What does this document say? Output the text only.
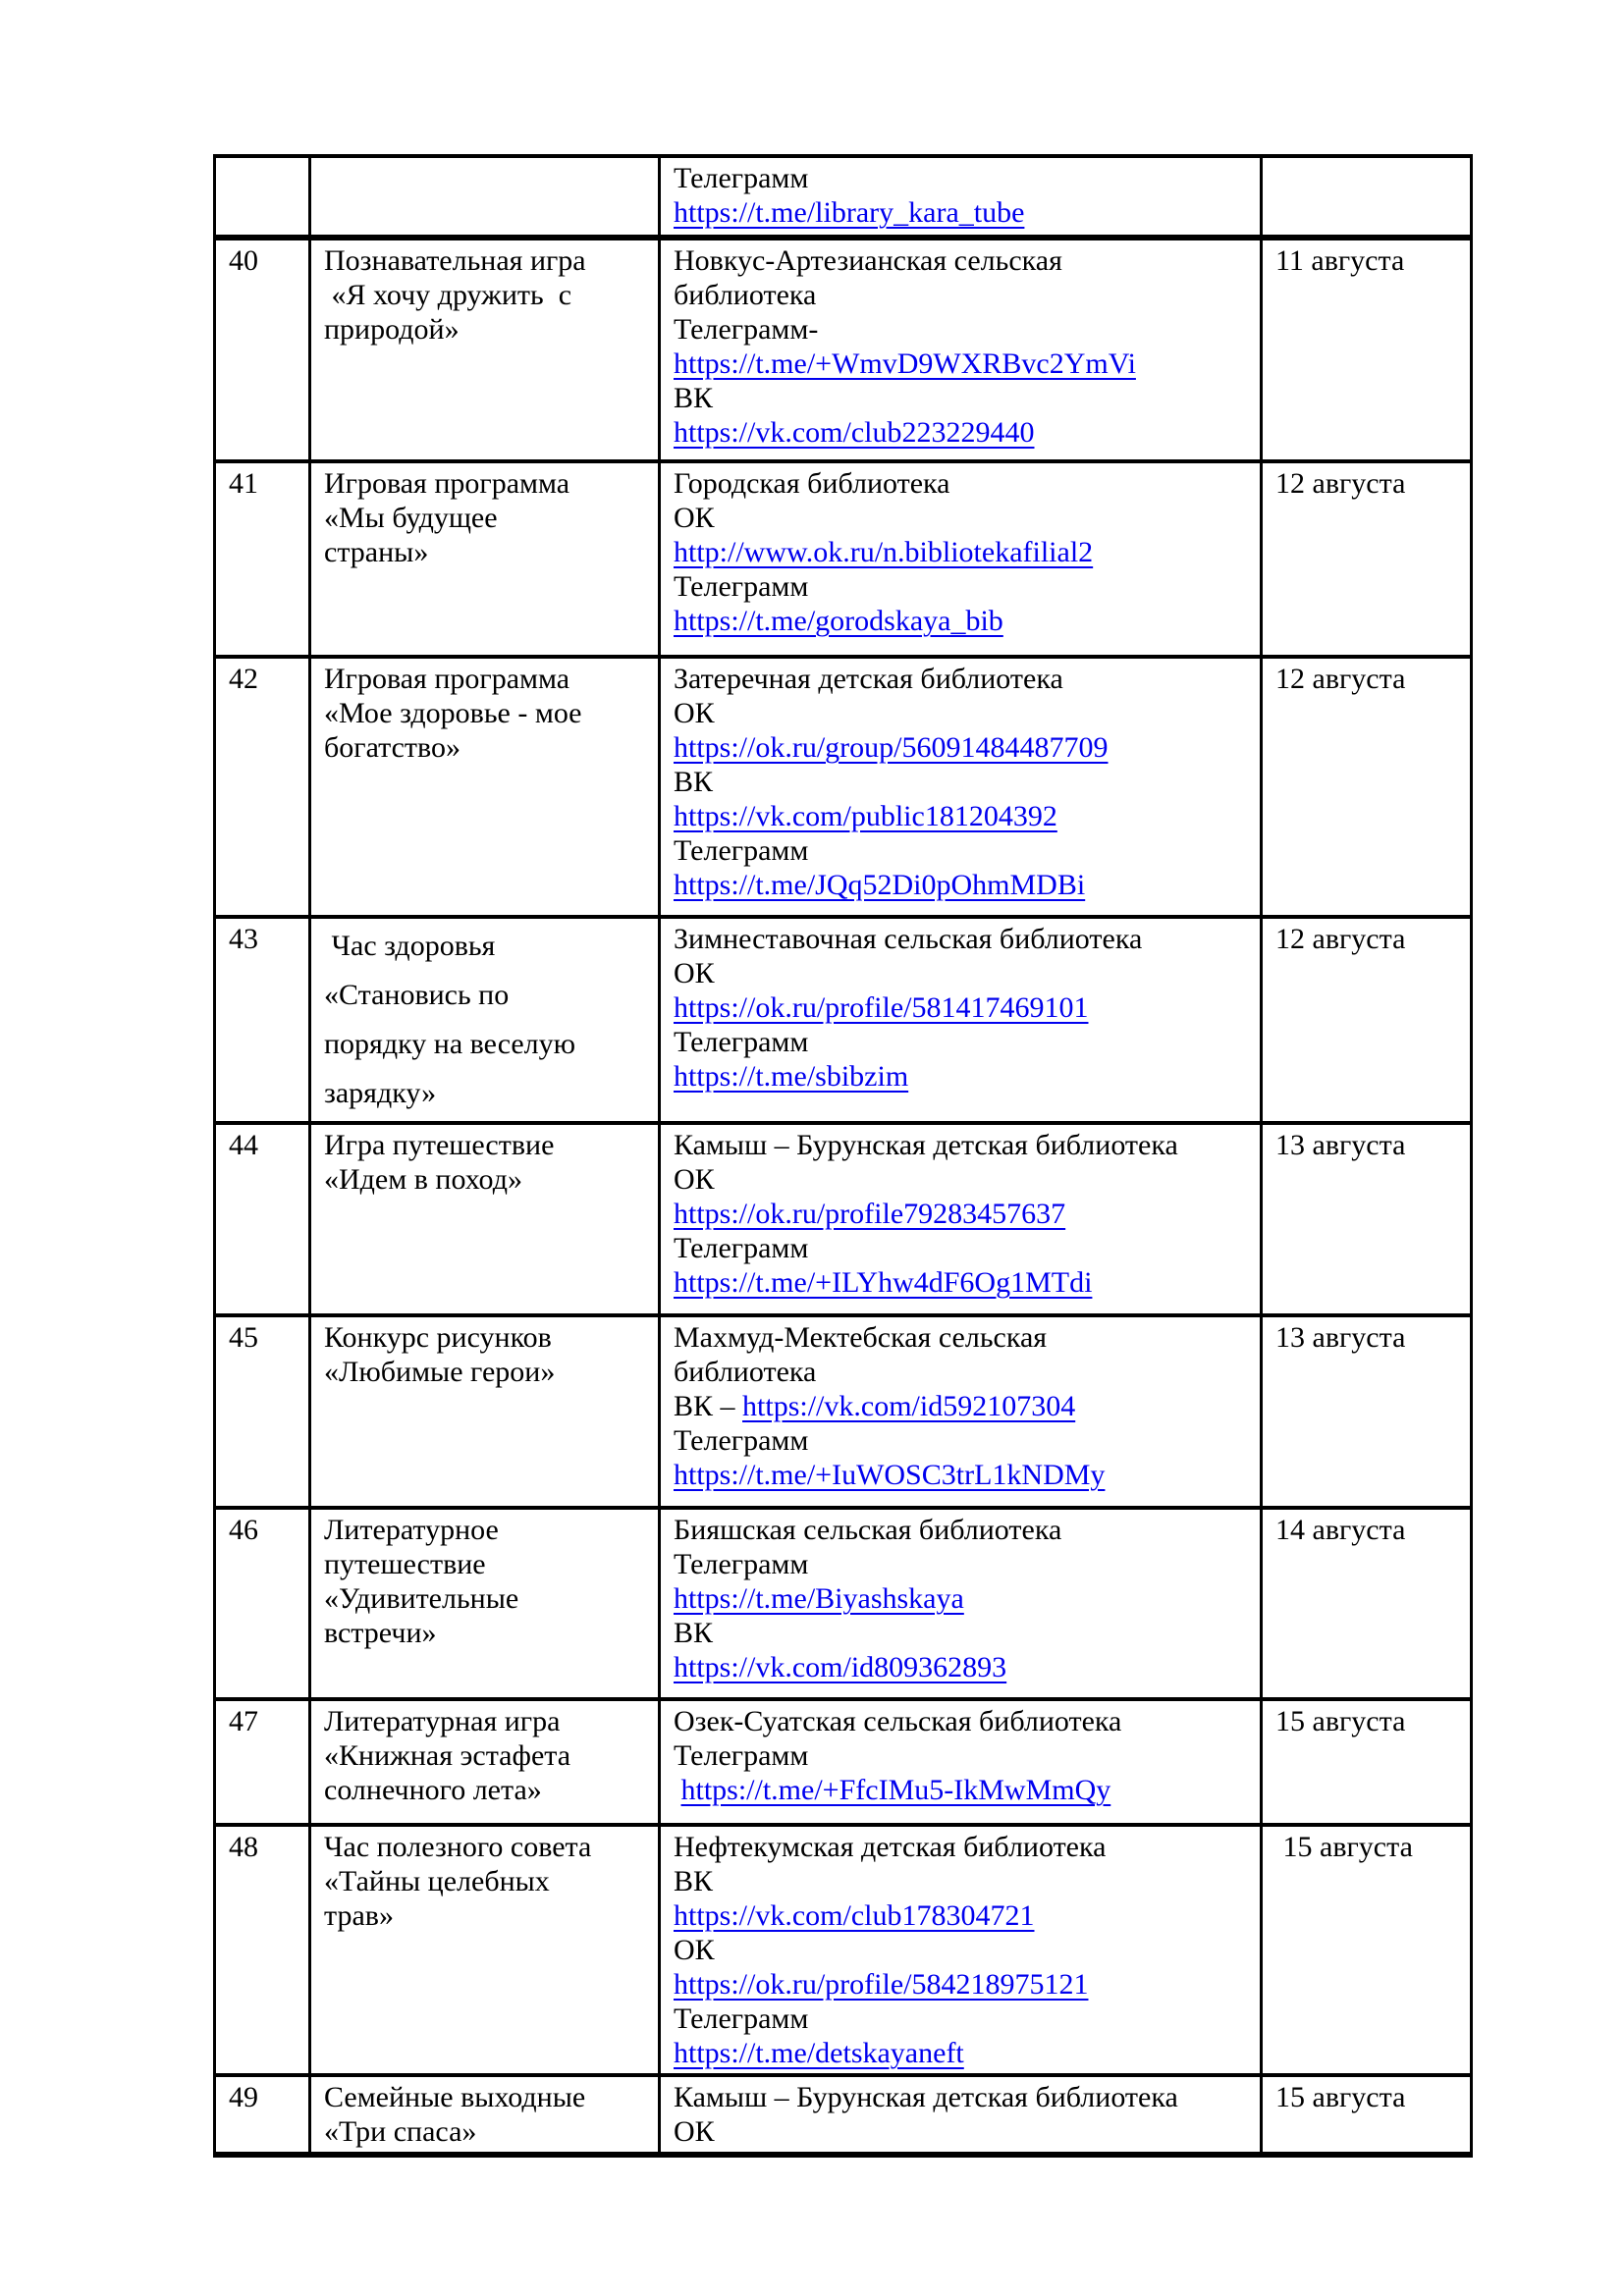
		Телеграмм
https://t.me/library_kara_tube	

40	Познавательная игра
«Я хочу дружить  с
природой»

Новкус-Артезианская сельская
библиотека
Телеграмм-
https://t.me/+WmvD9WXRBvc2YmVi
ВК
https://vk.com/club223229440
	11 августа
41	Игровая программа
«Мы будущее
страны»

Городская библиотека
ОК
http://www.ok.ru/n.bibliotekafilial2
Телеграмм
https://t.me/gorodskaya_bib
	12 августа
42	Игровая программа
«Мое здоровье - мое
богатство»

Затеречная детская библиотека
ОК
https://ok.ru/group/56091484487709
ВК
https://vk.com/public181204392
Телеграмм
https://t.me/JQq52Di0pOhmMDBi
	12 августа
43	Час здоровья
«Становись по
порядку на веселую
зарядку»

Зимнеставочная сельская библиотека
ОК
https://ok.ru/profile/581417469101
Телеграмм
https://t.me/sbibzim
	12 августа
44	Игра путешествие
«Идем в поход»

Камыш – Бурунская детская библиотека
ОК
https://ok.ru/profile79283457637
Телеграмм
https://t.me/+ILYhw4dF6Og1MTdi
	13 августа
45	Конкурс рисунков
«Любимые герои»

Махмуд-Мектебская сельская
библиотека
ВК – https://vk.com/id592107304
Телеграмм
https://t.me/+IuWOSC3trL1kNDMy
	13 августа
46	Литературное
путешествие
«Удивительные
встречи»

Бияшская сельская библиотека
Телеграмм
https://t.me/Biyashskaya
ВК
https://vk.com/id809362893
	14 августа
47	Литературная игра
«Книжная эстафета
солнечного лета»

Озек-Суатская сельская библиотека
Телеграмм
https://t.me/+FfcIMu5-IkMwMmQy
	15 августа
48	Час полезного совета
«Тайны целебных
трав»

Нефтекумская детская библиотека
ВК
https://vk.com/club178304721
ОК
https://ok.ru/profile/584218975121
Телеграмм
https://t.me/detskayaneft
	15 августа
49	Семейные выходные
«Три спаса»

Камыш – Бурунская детская библиотека
ОК
	15 августа
